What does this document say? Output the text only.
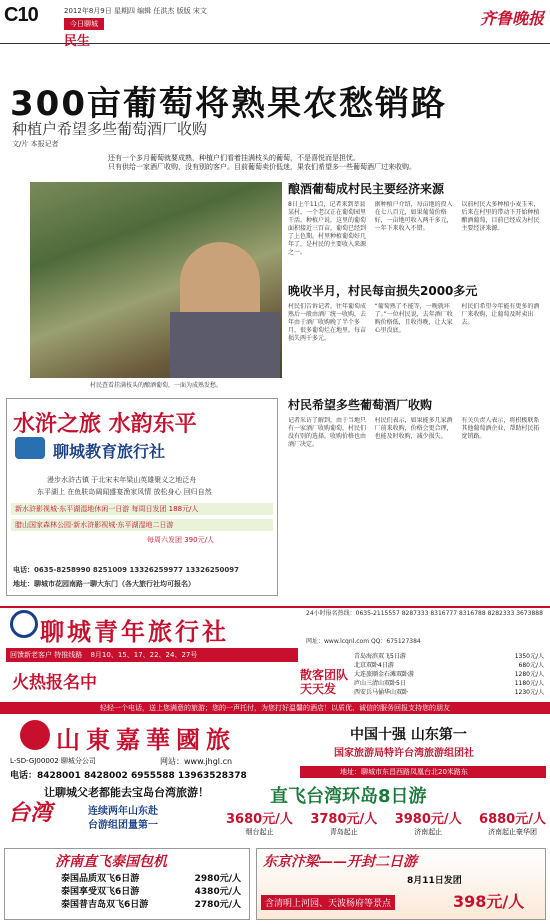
C10	2012年8月9日 星期四 编辑 任洪杰 版版 宋文
今日聊城
民生
齐鲁晚报
300亩葡萄将熟果农愁销路
种植户希望多些葡萄酒厂收购
文/片 本报记者
还有一个多月葡萄就要成熟，种植户们看着挂满枝头的葡萄，不是喜悦而是担忧。
只有供给一家酒厂收购，没有别的客户。目前葡萄卖价低迷，果农们希望多一些葡萄酒厂过来收购。
村民查看挂满枝头的酿酒葡萄，一面为成熟发愁。
酿酒葡萄成村民主要经济来源
8日上午11点，记者来到莘县某村，一个老汉正在葡萄园里干活。种植户说，这里的葡萄面积接近三百亩，葡萄已经到了上色期。村里种植葡萄好几年了，是村民的主要收入来源之一。
据种植户介绍，每亩地的投入在七八百元，如果葡萄价格好，一亩地可收入两千多元，一年下来收入不错。
以前村民大多种植小麦玉米，后来在村里的带动下开始种植酿酒葡萄，目前已经成为村民主要经济来源。
晚收半月，村民每亩损失2000多元
村民们告诉记者，往年葡萄成熟后一般由酒厂统一收购，去年由于酒厂收购晚了半个多月，很多葡萄烂在地里，每亩损失两千多元。
“葡萄熟了不能等，一晚就坏了。”一位村民说，去年酒厂收购价格低，且收得晚，让大家心里没底。
村民们希望今年能有更多的酒厂来收购，让葡萄及时卖出去。
村民希望多些葡萄酒厂收购
记者采访了解到，由于当地只有一家酒厂收购葡萄，村民们没有别的选择，收购价格也由酒厂决定。
村民们表示，如果能多几家酒厂前来收购，价格会更合理，也能及时收购，减少损失。
有关负责人表示，将积极联系其他葡萄酒企业，帮助村民拓宽销路。
水浒之旅 水韵东平
聊城教育旅行社
漫步水浒古镇 于北宋末年梁山英雄聚义之地泛舟
东平湖上 在鱼肤岛阔闻盛宴渔家风情 放松身心 回归自然
新水浒影视城·东平湖湿地休闲一日游 每周日发团 188元/人
腊山国家森林公园·新水浒影视城·东平湖湿地二日游
每周六发团 390元/人
电话：0635-8258990 8251009 13326259977 13326250097
地址：聊城市花园南路一聊大东门（各大旅行社均可报名）
聊城青年旅行社
24小时报名热线：0635-2115557 8287333 8316777 8316788 8282333 3673888
网址：www.lcqnl.com QQ：675127384
回馈新老客户 特推线路 8月10、15、17、22、24、27号
火热报名中	散客团队 天天发
青岛海滨双飞5日游	1350元/人
北京双卧4日游	680元/人
大连旅顺金石滩双卧游	1280元/人
庐山三清山双卧5日	1180元/人
西安兵马俑华山双卧	1230元/人
轻轻一个电话，送上您满意的旅游；您的一声托付，为您打好温馨的酒店！以质优、诚信的服务回报支持您的朋友
山東嘉華國旅
L-SD-GJ00002 聊城分公司	网站：www.jhgl.cn
电话：8428001 8428002 6955588 13963528378
中国十强 山东第一
国家旅游局特许台湾旅游组团社
地址：聊城市东昌西路凤凰台北20米路东
让聊城父老都能去宝岛台湾旅游！
台湾	连续两年山东赴
台游组团量第一
直飞台湾环岛8日游
3680元/人
烟台起止
3780元/人
青岛起止
3980元/人
济南起止
6880元/人
济南起止豪华团
济南直飞泰国包机
泰国品质双飞6日游	2980元/人
泰国享受双飞6日游	4380元/人
泰国普吉岛双飞6日游	2780元/人
东京汴梁——开封二日游
8月11日发团
含清明上河园、天波杨府等景点	398元/人
